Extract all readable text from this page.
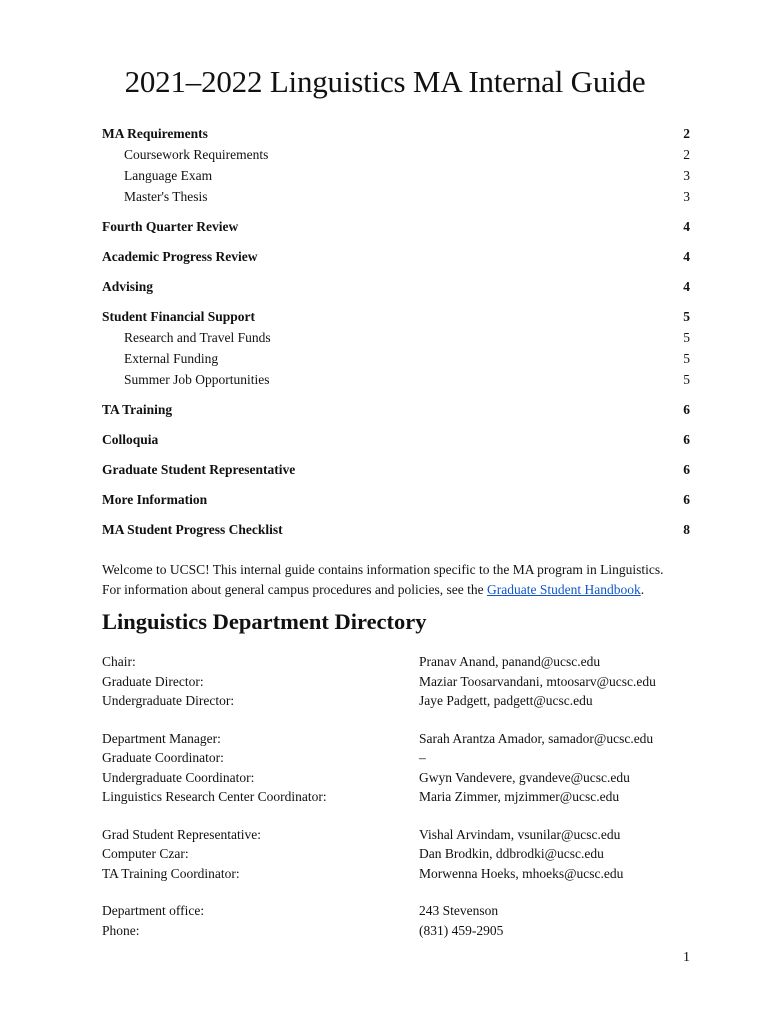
2021–2022 Linguistics MA Internal Guide
MA Requirements	2
Coursework Requirements	2
Language Exam	3
Master's Thesis	3
Fourth Quarter Review	4
Academic Progress Review	4
Advising	4
Student Financial Support	5
Research and Travel Funds	5
External Funding	5
Summer Job Opportunities	5
TA Training	6
Colloquia	6
Graduate Student Representative	6
More Information	6
MA Student Progress Checklist	8

Welcome to UCSC! This internal guide contains information specific to the MA program in Linguistics.
For information about general campus procedures and policies, see the Graduate Student Handbook.

Linguistics Department Directory
Chair:	Pranav Anand, panand@ucsc.edu
Graduate Director:	Maziar Toosarvandani, mtoosarv@ucsc.edu
Undergraduate Director:	Jaye Padgett, padgett@ucsc.edu
Department Manager:	Sarah Arantza Amador, samador@ucsc.edu
Graduate Coordinator:	–
Undergraduate Coordinator:	Gwyn Vandevere, gvandeve@ucsc.edu
Linguistics Research Center Coordinator:	Maria Zimmer, mjzimmer@ucsc.edu
Grad Student Representative:	Vishal Arvindam, vsunilar@ucsc.edu
Computer Czar:	Dan Brodkin, ddbrodki@ucsc.edu
TA Training Coordinator:	Morwenna Hoeks, mhoeks@ucsc.edu
Department office:	243 Stevenson
Phone:	(831) 459-2905
1
